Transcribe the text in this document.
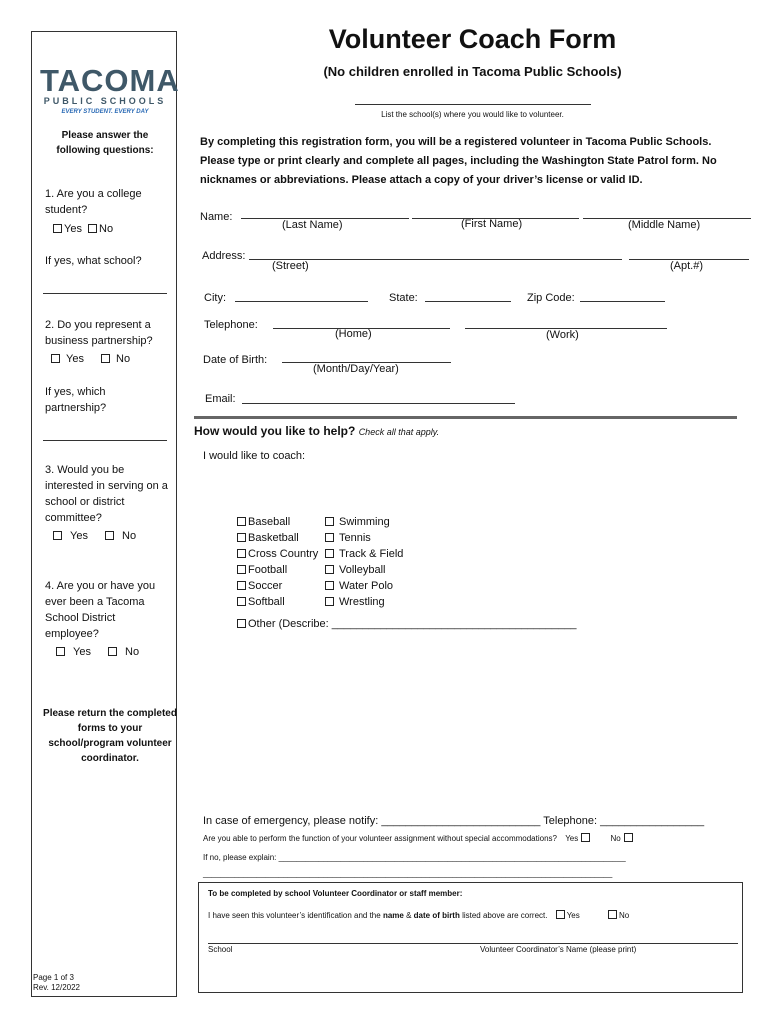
TACOMA
PUBLIC SCHOOLS
EVERY STUDENT. EVERY DAY
Please answer the following questions:
1. Are you a college student?
Yes No
If yes, what school?
2. Do you represent a business partnership?
Yes	No
If yes, which partnership?
3. Would you be interested in serving on a school or district committee?
Yes	No
4. Are you or have you ever been a Tacoma School District employee?
Yes	No
Please return the completed forms to your school/program volunteer coordinator.
Page 1 of 3
Rev. 12/2022
Volunteer Coach Form
(No children enrolled in Tacoma Public Schools)
List the school(s) where you would like to volunteer.
By completing this registration form, you will be a registered volunteer in Tacoma Public Schools. Please type or print clearly and complete all pages, including the Washington State Patrol form. No nicknames or abbreviations. Please attach a copy of your driver’s license or valid ID.
Name:
(Last Name)	(First Name)	(Middle Name)
Address:
(Street)	(Apt.#)
City:	State:	Zip Code:
Telephone:
(Home)	(Work)
Date of Birth:
(Month/Day/Year)
Email:
How would you like to help? Check all that apply.
I would like to coach:
Baseball
Basketball
Cross Country
Football
Soccer
Softball
Swimming
Tennis
Track & Field
Volleyball
Water Polo
Wrestling
Other (Describe: ________________________________________
In case of emergency, please notify: __________________________ Telephone: _________________
Are you able to perform the function of your volunteer assignment without special accommodations? Yes	No
If no, please explain: ______________________________________________________________________________
____________________________________________________________________________________________
To be completed by school Volunteer Coordinator or staff member:
I have seen this volunteer’s identification and the name & date of birth listed above are correct. Yes	No
School	Volunteer Coordinator’s Name (please print)
